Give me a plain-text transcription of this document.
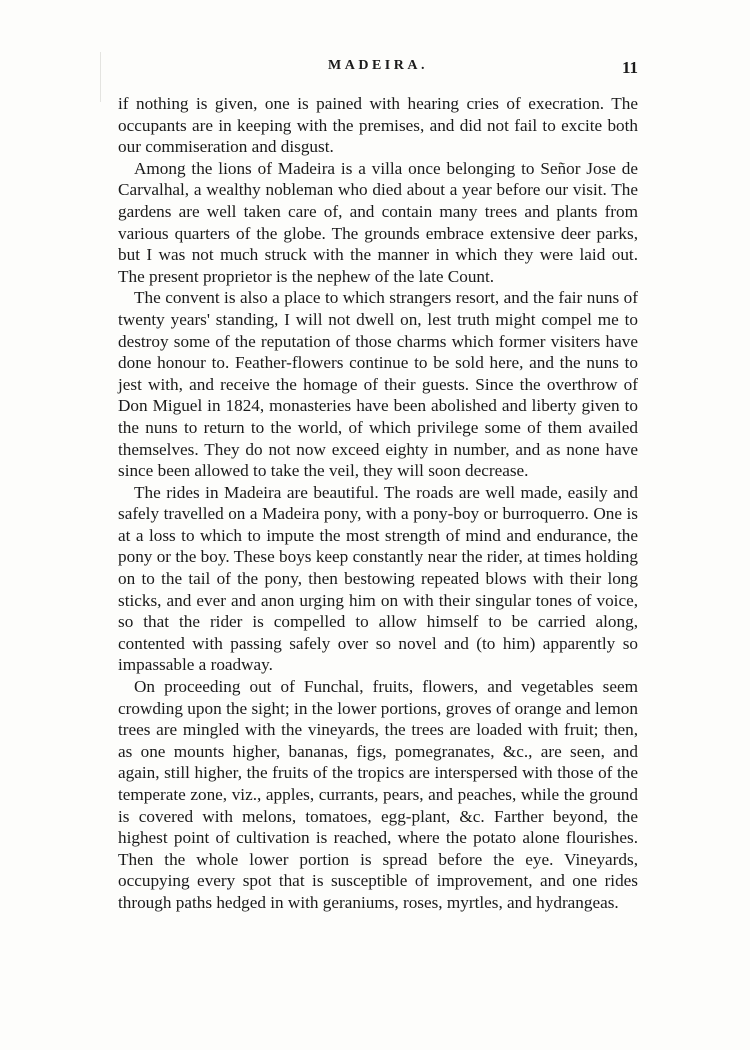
MADEIRA.	11

if nothing is given, one is pained with hearing cries of execration. The occupants are in keeping with the premises, and did not fail to excite both our commiseration and disgust.

Among the lions of Madeira is a villa once belonging to Señor Jose de Carvalhal, a wealthy nobleman who died about a year before our visit. The gardens are well taken care of, and contain many trees and plants from various quarters of the globe. The grounds embrace extensive deer parks, but I was not much struck with the manner in which they were laid out. The present proprietor is the nephew of the late Count.

The convent is also a place to which strangers resort, and the fair nuns of twenty years' standing, I will not dwell on, lest truth might compel me to destroy some of the reputation of those charms which former visiters have done honour to. Feather-flowers continue to be sold here, and the nuns to jest with, and receive the homage of their guests. Since the overthrow of Don Miguel in 1824, monasteries have been abolished and liberty given to the nuns to return to the world, of which privilege some of them availed themselves. They do not now exceed eighty in number, and as none have since been allowed to take the veil, they will soon decrease.

The rides in Madeira are beautiful. The roads are well made, easily and safely travelled on a Madeira pony, with a pony-boy or burroquerro. One is at a loss to which to impute the most strength of mind and endurance, the pony or the boy. These boys keep constantly near the rider, at times holding on to the tail of the pony, then bestowing repeated blows with their long sticks, and ever and anon urging him on with their singular tones of voice, so that the rider is compelled to allow himself to be carried along, contented with passing safely over so novel and (to him) apparently so impassable a roadway.

On proceeding out of Funchal, fruits, flowers, and vegetables seem crowding upon the sight; in the lower portions, groves of orange and lemon trees are mingled with the vineyards, the trees are loaded with fruit; then, as one mounts higher, bananas, figs, pomegranates, &c., are seen, and again, still higher, the fruits of the tropics are interspersed with those of the temperate zone, viz., apples, currants, pears, and peaches, while the ground is covered with melons, tomatoes, egg-plant, &c. Farther beyond, the highest point of cultivation is reached, where the potato alone flourishes. Then the whole lower portion is spread before the eye. Vineyards, occupying every spot that is susceptible of improvement, and one rides through paths hedged in with geraniums, roses, myrtles, and hydrangeas.
